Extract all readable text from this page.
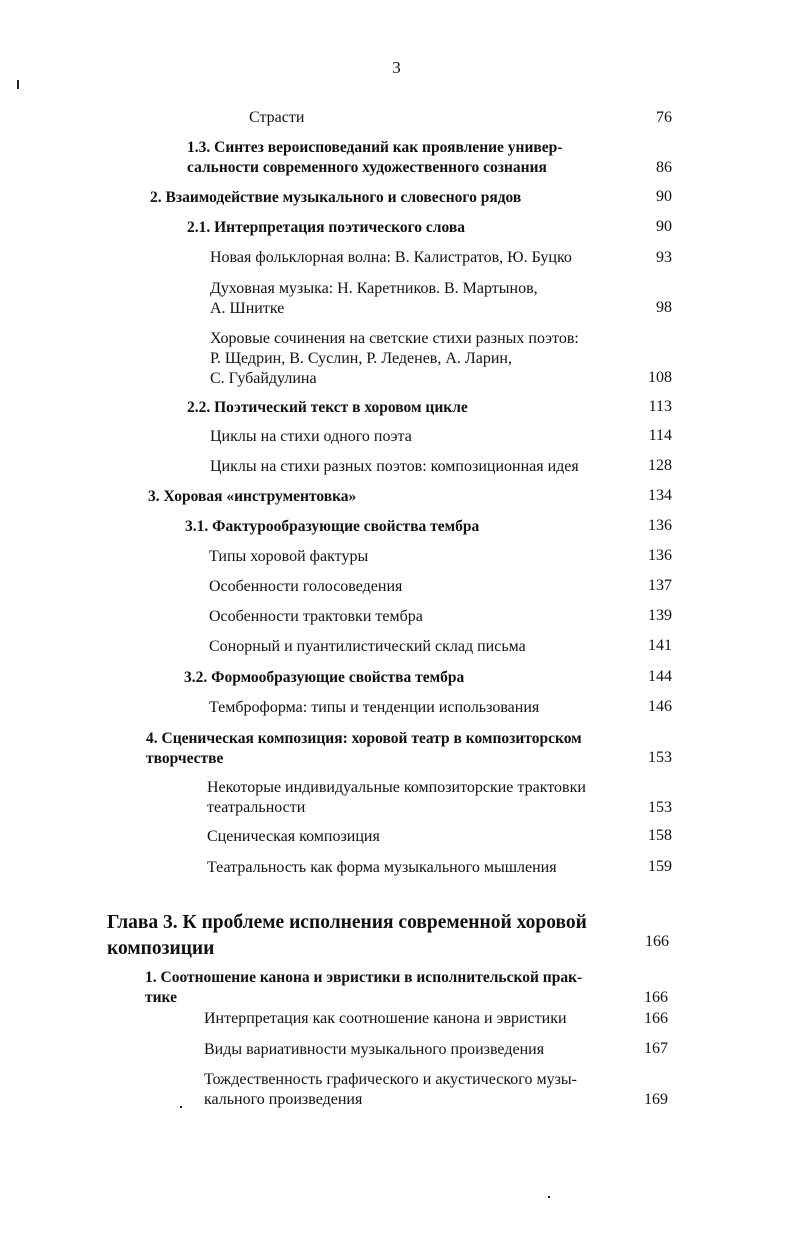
3
Страсти	76
1.3. Синтез вероисповеданий как проявление универ-
сальности современного художественного сознания	86
2. Взаимодействие музыкального и словесного рядов	90
2.1. Интерпретация поэтического слова	90
Новая фольклорная волна: В. Калистратов, Ю. Буцко	93
Духовная музыка: Н. Каретников. В. Мартынов,
А. Шнитке	98
Хоровые сочинения на светские стихи разных поэтов:
Р. Щедрин, В. Суслин, Р. Леденев, А. Ларин,
С. Губайдулина	108
2.2. Поэтический текст в хоровом цикле	113
Циклы на стихи одного поэта	114
Циклы на стихи разных поэтов: композиционная идея	128
3. Хоровая «инструментовка»	134
3.1. Фактурообразующие свойства тембра	136
Типы хоровой фактуры	136
Особенности голосоведения	137
Особенности трактовки тембра	139
Сонорный и пуантилистический склад письма	141
3.2. Формообразующие свойства тембра	144
Темброформа: типы и тенденции использования	146
4. Сценическая композиция: хоровой театр в композиторском
творчестве	153
Некоторые индивидуальные композиторские трактовки
театральности	153
Сценическая композиция	158
Театральность как форма музыкального мышления	159
Глава 3. К проблеме исполнения современной хоровой
композиции	166
1. Соотношение канона и эвристики в исполнительской прак-
тике	166
Интерпретация как соотношение канона и эвристики	166
Виды вариативности музыкального произведения	167
Тождественность графического и акустического музы-
кального произведения	169
